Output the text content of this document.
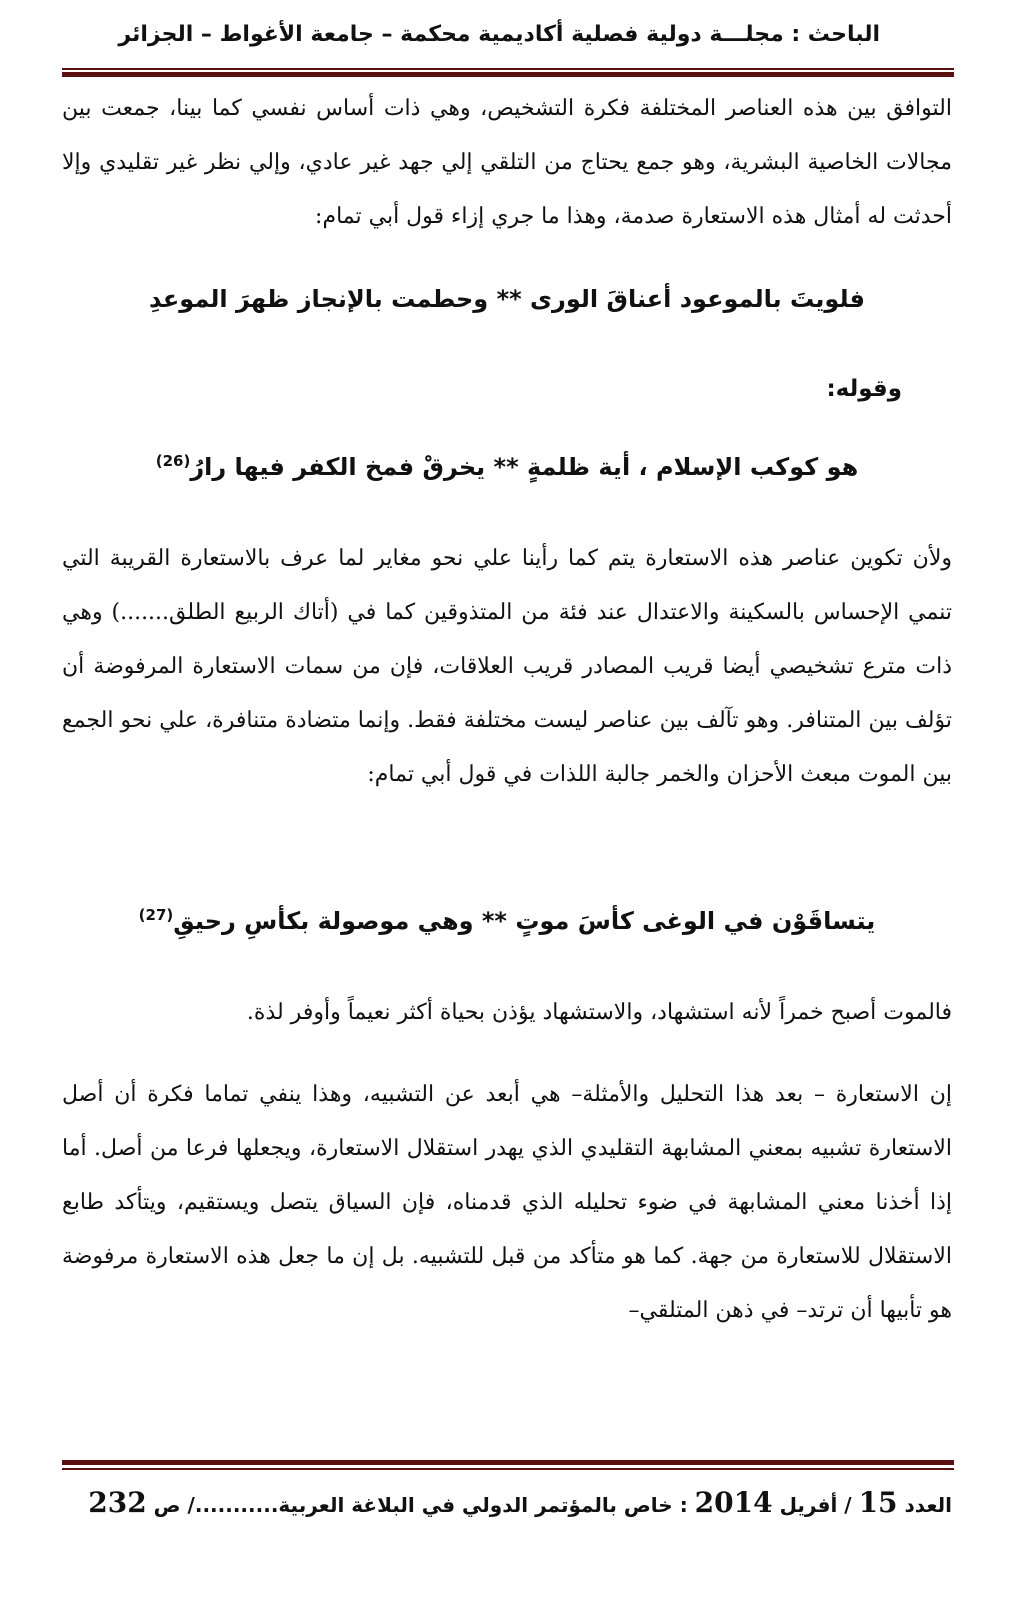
الباحث : مجلـــة دولية فصلية أكاديمية محكمة – جامعة الأغواط – الجزائر

التوافق بين هذه العناصر المختلفة فكرة التشخيص، وهي ذات أساس نفسي كما بينا، جمعت بين مجالات الخاصية البشرية، وهو جمع يحتاج من التلقي إلي جهد غير عادي، وإلي نظر غير تقليدي وإلا أحدثت له أمثال هذه الاستعارة صدمة، وهذا ما جري إزاء قول أبي تمام:

فلويتَ بالموعود أعناقَ الورى ** وحطمت بالإنجاز ظهرَ الموعدِ
وقوله:
هو كوكب الإسلام ، أية ظلمةٍ ** يخرقْ فمخ الكفر فيها رارُ$^{(26)}$

ولأن تكوين عناصر هذه الاستعارة يتم كما رأينا علي نحو مغاير لما عرف بالاستعارة القريبة التي تنمي الإحساس بالسكينة والاعتدال عند فئة من المتذوقين كما في (أتاك الربيع الطلق.......) وهي ذات مترع تشخيصي أيضا قريب المصادر قريب العلاقات، فإن من سمات الاستعارة المرفوضة أن تؤلف بين المتنافر. وهو تآلف بين عناصر ليست مختلفة فقط. وإنما متضادة متنافرة، علي نحو الجمع بين الموت مبعث الأحزان والخمر جالبة اللذات في قول أبي تمام:

يتساقَوْن في الوغى كأسَ موتٍ ** وهي موصولة بكأسِ رحيقِ$^{(27)}$

فالموت أصبح خمراً لأنه استشهاد، والاستشهاد يؤذن بحياة أكثر نعيماً وأوفر لذة.

إن الاستعارة – بعد هذا التحليل والأمثلة– هي أبعد عن التشبيه، وهذا ينفي تماما فكرة أن أصل الاستعارة تشبيه بمعني المشابهة التقليدي الذي يهدر استقلال الاستعارة، ويجعلها فرعا من أصل. أما إذا أخذنا معني المشابهة في ضوء تحليله الذي قدمناه، فإن السياق يتصل ويستقيم، ويتأكد طابع الاستقلال للاستعارة من جهة. كما هو متأكد من قبل للتشبيه. بل إن ما جعل هذه الاستعارة مرفوضة هو تأبيها أن ترتد– في ذهن المتلقي–

العدد 15 / أفريل 2014 : خاص بالمؤتمر الدولي في البلاغة العربية.........../ ص 232
